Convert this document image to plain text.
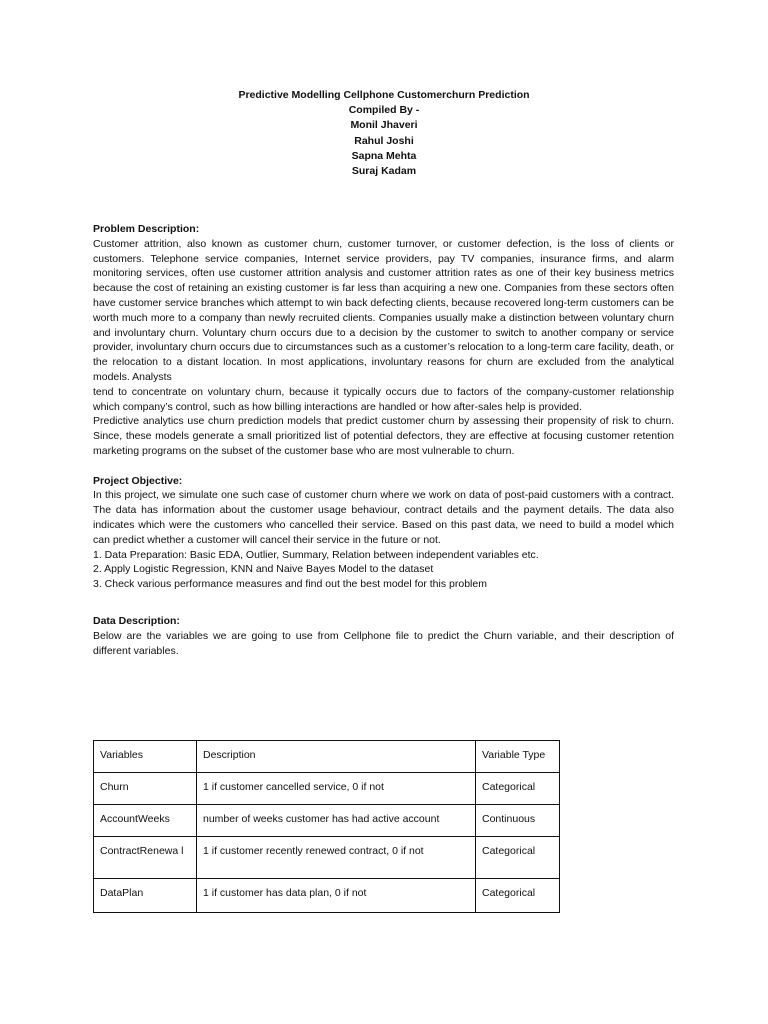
Predictive Modelling Cellphone Customerchurn Prediction
Compiled By -
Monil Jhaveri
Rahul Joshi
Sapna Mehta
Suraj Kadam

Problem Description:

Customer attrition, also known as customer churn, customer turnover, or customer defection, is the loss of clients or customers. Telephone service companies, Internet service providers, pay TV companies, insurance firms, and alarm monitoring services, often use customer attrition analysis and customer attrition rates as one of their key business metrics because the cost of retaining an existing customer is far less than acquiring a new one. Companies from these sectors often have customer service branches which attempt to win back defecting clients, because recovered long-term customers can be worth much more to a company than newly recruited clients. Companies usually make a distinction between voluntary churn and involuntary churn. Voluntary churn occurs due to a decision by the customer to switch to another company or service provider, involuntary churn occurs due to circumstances such as a customer’s relocation to a long-term care facility, death, or the relocation to a distant location. In most applications, involuntary reasons for churn are excluded from the analytical models. Analysts

tend to concentrate on voluntary churn, because it typically occurs due to factors of the company-customer relationship which company’s control, such as how billing interactions are handled or how after-sales help is provided.

Predictive analytics use churn prediction models that predict customer churn by assessing their propensity of risk to churn. Since, these models generate a small prioritized list of potential defectors, they are effective at focusing customer retention marketing programs on the subset of the customer base who are most vulnerable to churn.

Project Objective:

In this project, we simulate one such case of customer churn where we work on data of post-paid customers with a contract. The data has information about the customer usage behaviour, contract details and the payment details. The data also indicates which were the customers who cancelled their service. Based on this past data, we need to build a model which can predict whether a customer will cancel their service in the future or not.

1. Data Preparation: Basic EDA, Outlier, Summary, Relation between independent variables etc.

2. Apply Logistic Regression, KNN and Naive Bayes Model to the dataset

3. Check various performance measures and find out the best model for this problem

Data Description:

Below are the variables we are going to use from Cellphone file to predict the Churn variable, and their description of different variables.

Variables	Description	Variable Type
Churn	1 if customer cancelled service, 0 if not	Categorical
AccountWeeks	number of weeks customer has had active account	Continuous
ContractRenewa l	1 if customer recently renewed contract, 0 if not	Categorical
DataPlan	1 if customer has data plan, 0 if not	Categorical
